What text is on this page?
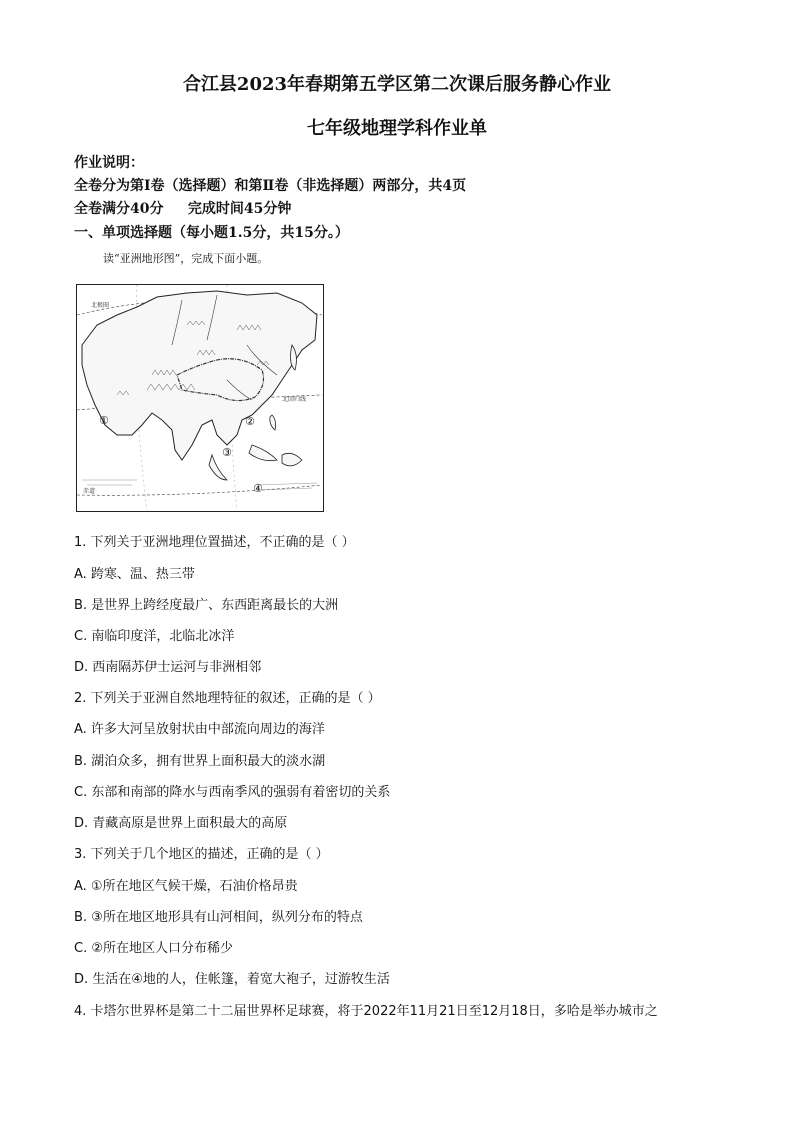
合江县2023年春期第五学区第二次课后服务静心作业
七年级地理学科作业单
作业说明：
全卷分为第Ⅰ卷（选择题）和第Ⅱ卷（非选择题）两部分，共4页
全卷满分40分     完成时间45分钟
一、单项选择题（每小题1.5分，共15分。）
读“亚洲地形图”，完成下面小题。
北极圈
北回归线
赤道
①	②
③
④
1. 下列关于亚洲地理位置描述，不正确的是（ ）
A. 跨寒、温、热三带
B. 是世界上跨经度最广、东西距离最长的大洲
C. 南临印度洋，北临北冰洋
D. 西南隔苏伊士运河与非洲相邻
2. 下列关于亚洲自然地理特征的叙述，正确的是（ ）
A. 许多大河呈放射状由中部流向周边的海洋
B. 湖泊众多，拥有世界上面积最大的淡水湖
C. 东部和南部的降水与西南季风的强弱有着密切的关系
D. 青藏高原是世界上面积最大的高原
3. 下列关于几个地区的描述，正确的是（ ）
A. ①所在地区气候干燥，石油价格昂贵
B. ③所在地区地形具有山河相间，纵列分布的特点
C. ②所在地区人口分布稀少
D. 生活在④地的人，住帐篷，着宽大袍子，过游牧生活
4. 卡塔尔世界杯是第二十二届世界杯足球赛，将于2022年11月21日至12月18日，多哈是举办城市之
